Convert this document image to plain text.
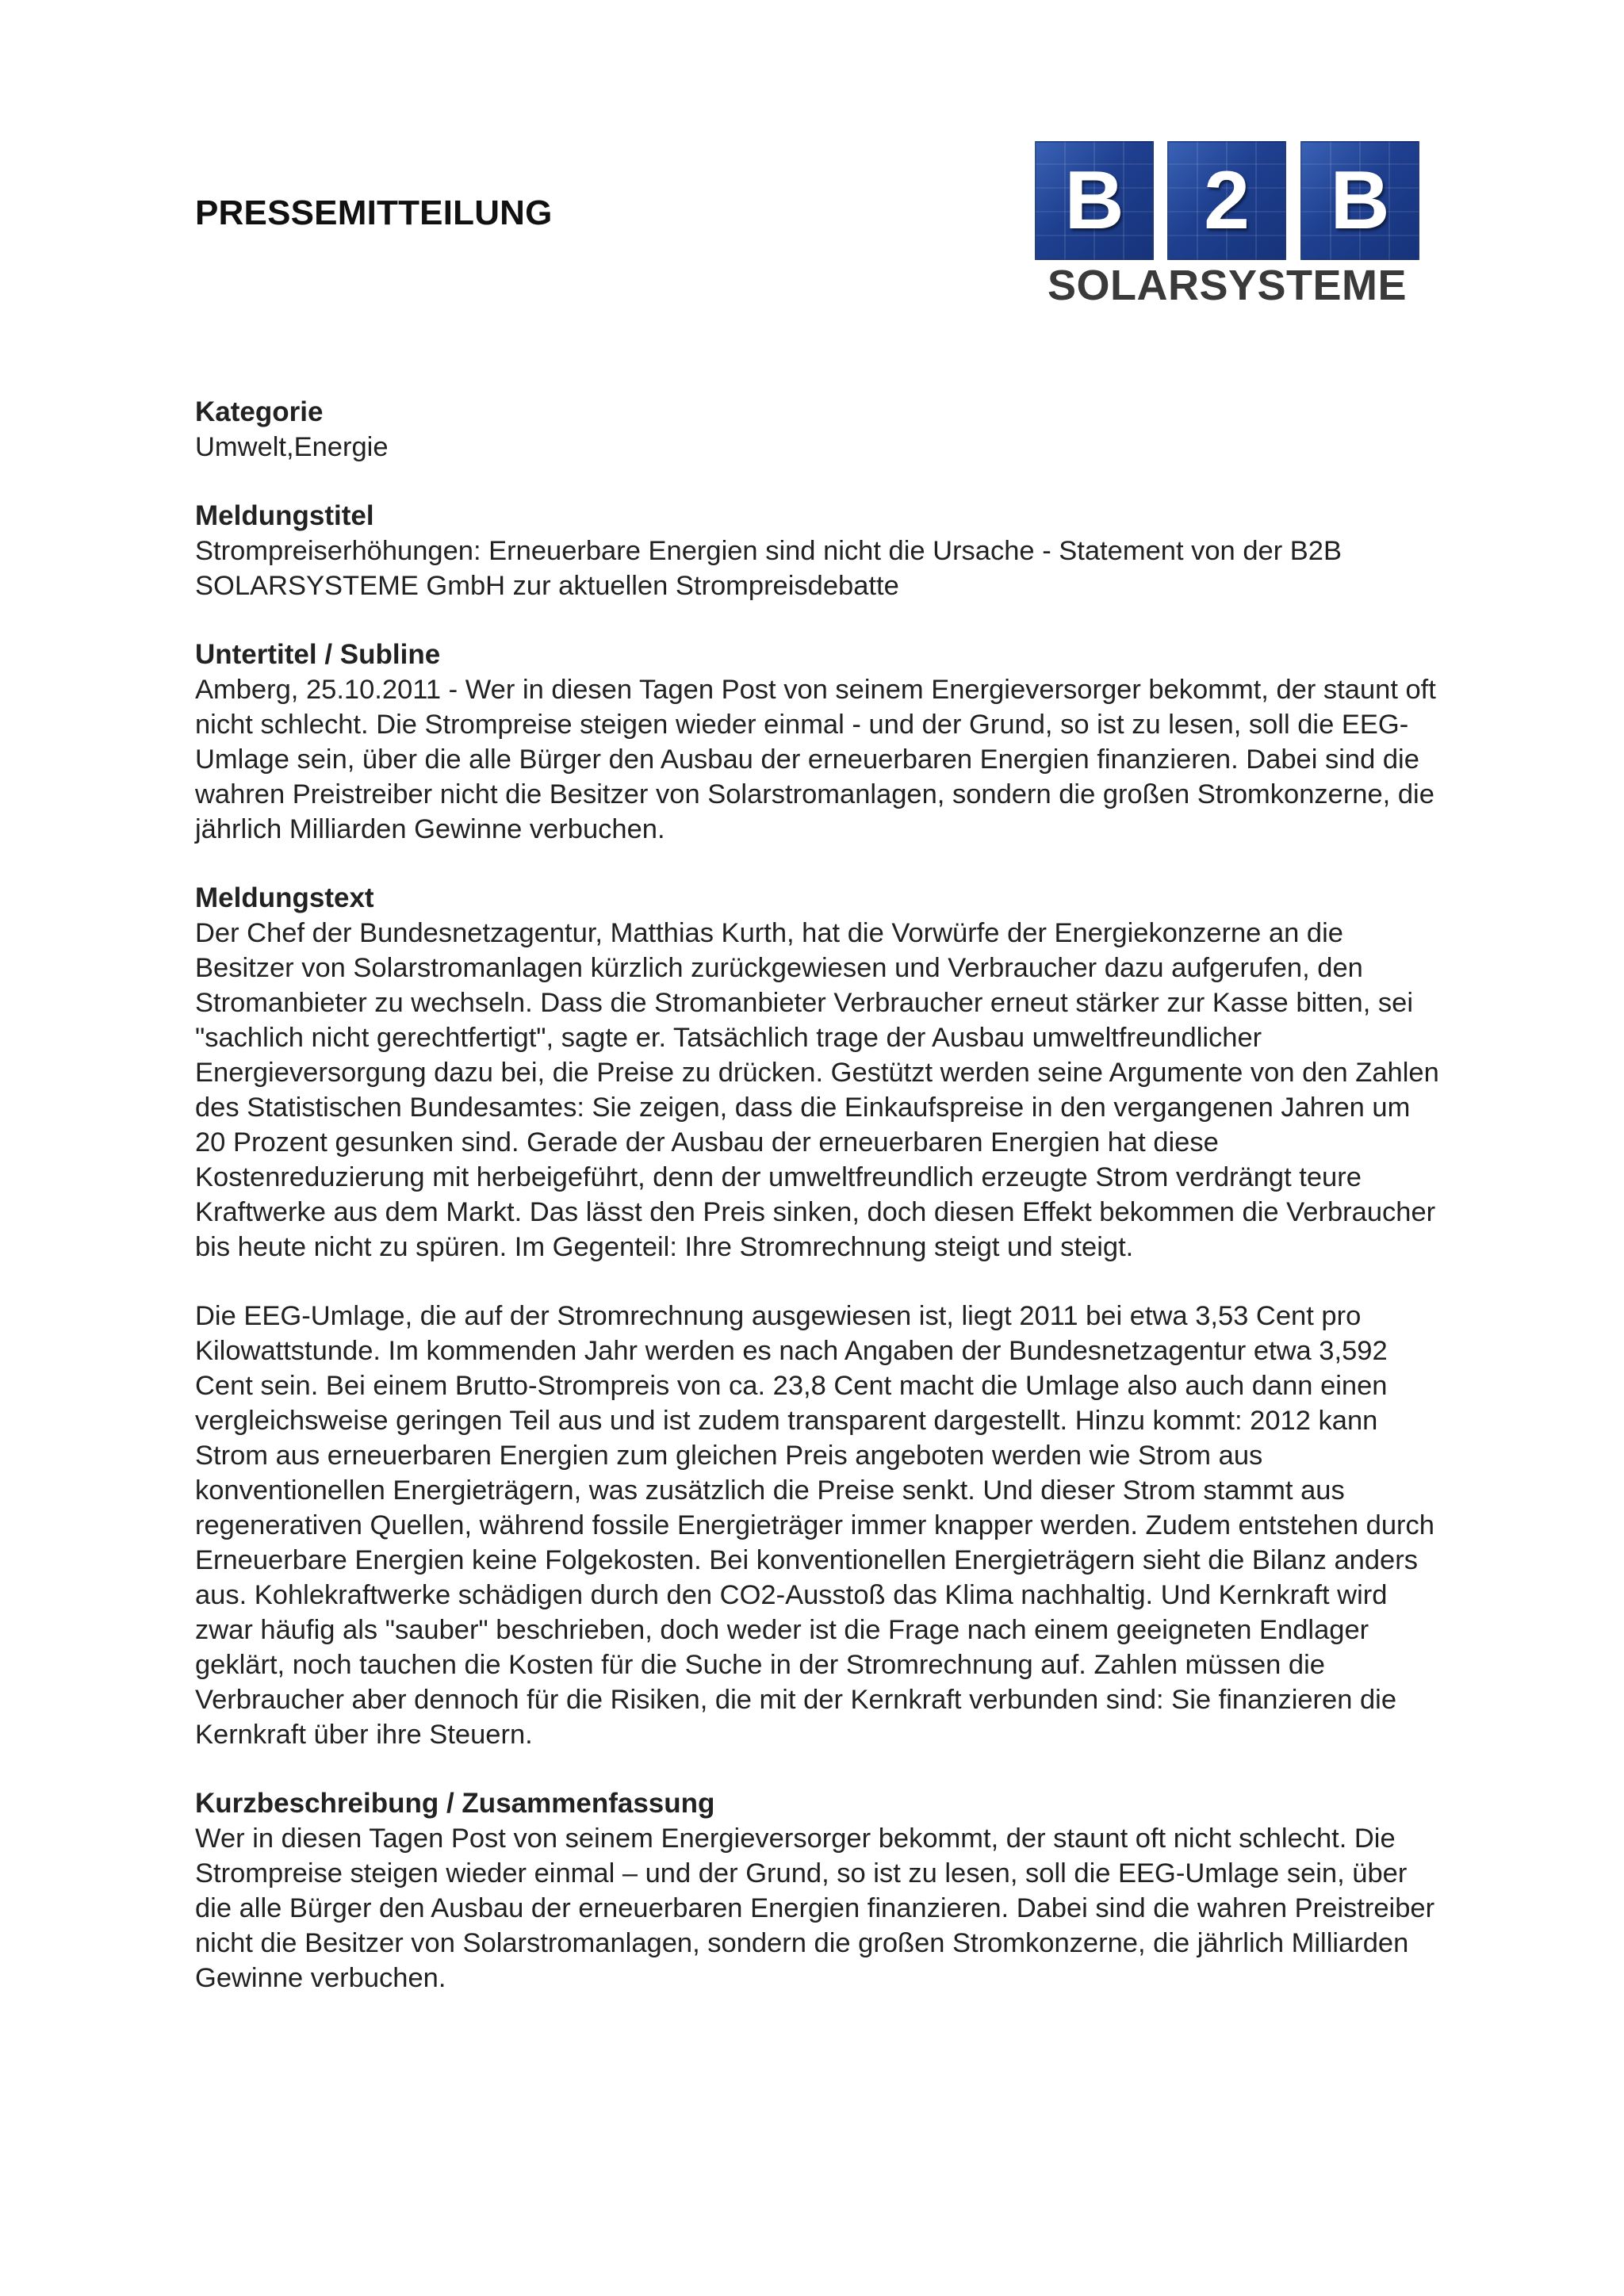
PRESSEMITTEILUNG	B 2 B
SOLARSYSTEME

Kategorie

Umwelt,Energie

Meldungstitel

Strompreiserhöhungen: Erneuerbare Energien sind nicht die Ursache - Statement von der B2B SOLARSYSTEME GmbH zur aktuellen Strompreisdebatte

Untertitel / Subline

Amberg, 25.10.2011 - Wer in diesen Tagen Post von seinem Energieversorger bekommt, der staunt oft nicht schlecht. Die Strompreise steigen wieder einmal - und der Grund, so ist zu lesen, soll die EEG-Umlage sein, über die alle Bürger den Ausbau der erneuerbaren Energien finanzieren. Dabei sind die wahren Preistreiber nicht die Besitzer von Solarstromanlagen, sondern die großen Stromkonzerne, die jährlich Milliarden Gewinne verbuchen.

Meldungstext

Der Chef der Bundesnetzagentur, Matthias Kurth, hat die Vorwürfe der Energiekonzerne an die Besitzer von Solarstromanlagen kürzlich zurückgewiesen und Verbraucher dazu aufgerufen, den Stromanbieter zu wechseln. Dass die Stromanbieter Verbraucher erneut stärker zur Kasse bitten, sei "sachlich nicht gerechtfertigt", sagte er. Tatsächlich trage der Ausbau umweltfreundlicher Energieversorgung dazu bei, die Preise zu drücken. Gestützt werden seine Argumente von den Zahlen des Statistischen Bundesamtes: Sie zeigen, dass die Einkaufspreise in den vergangenen Jahren um 20 Prozent gesunken sind. Gerade der Ausbau der erneuerbaren Energien hat diese Kostenreduzierung mit herbeigeführt, denn der umweltfreundlich erzeugte Strom verdrängt teure Kraftwerke aus dem Markt. Das lässt den Preis sinken, doch diesen Effekt bekommen die Verbraucher bis heute nicht zu spüren. Im Gegenteil: Ihre Stromrechnung steigt und steigt.

Die EEG-Umlage, die auf der Stromrechnung ausgewiesen ist, liegt 2011 bei etwa 3,53 Cent pro Kilowattstunde. Im kommenden Jahr werden es nach Angaben der Bundesnetzagentur etwa 3,592 Cent sein. Bei einem Brutto-Strompreis von ca. 23,8 Cent macht die Umlage also auch dann einen vergleichsweise geringen Teil aus und ist zudem transparent dargestellt. Hinzu kommt: 2012 kann Strom aus erneuerbaren Energien zum gleichen Preis angeboten werden wie Strom aus konventionellen Energieträgern, was zusätzlich die Preise senkt. Und dieser Strom stammt aus regenerativen Quellen, während fossile Energieträger immer knapper werden. Zudem entstehen durch Erneuerbare Energien keine Folgekosten. Bei konventionellen Energieträgern sieht die Bilanz anders aus. Kohlekraftwerke schädigen durch den CO2-Ausstoß das Klima nachhaltig. Und Kernkraft wird zwar häufig als "sauber" beschrieben, doch weder ist die Frage nach einem geeigneten Endlager geklärt, noch tauchen die Kosten für die Suche in der Stromrechnung auf. Zahlen müssen die Verbraucher aber dennoch für die Risiken, die mit der Kernkraft verbunden sind: Sie finanzieren die Kernkraft über ihre Steuern.

Kurzbeschreibung / Zusammenfassung

Wer in diesen Tagen Post von seinem Energieversorger bekommt, der staunt oft nicht schlecht. Die Strompreise steigen wieder einmal – und der Grund, so ist zu lesen, soll die EEG-Umlage sein, über die alle Bürger den Ausbau der erneuerbaren Energien finanzieren. Dabei sind die wahren Preistreiber nicht die Besitzer von Solarstromanlagen, sondern die großen Stromkonzerne, die jährlich Milliarden Gewinne verbuchen.
